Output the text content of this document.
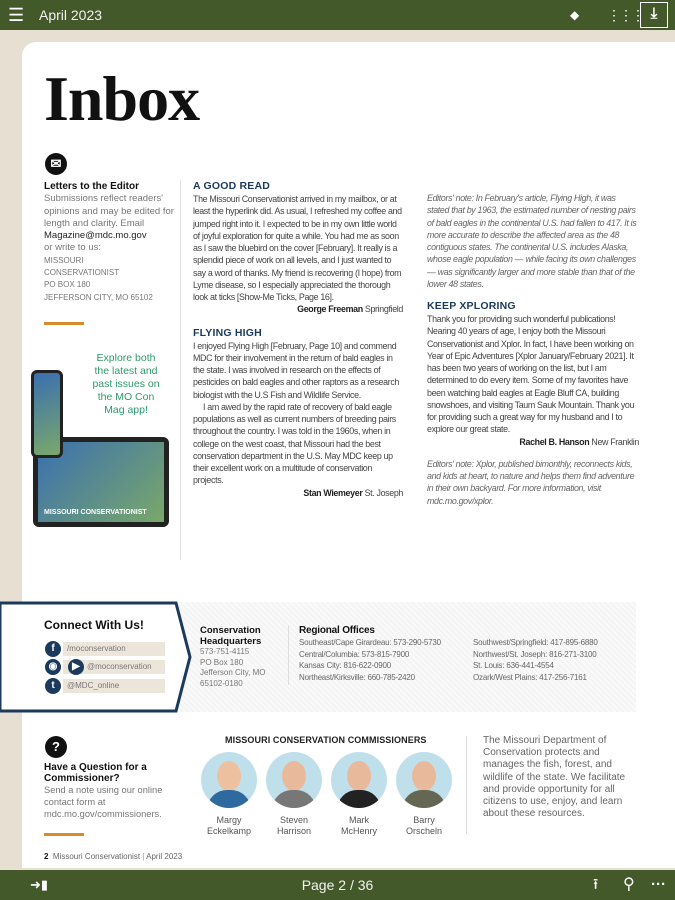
☰ April 2023	◆ ⋮⋮⋮ ⤓
Inbox
✉
Letters to the Editor
Submissions reflect readers' opinions and may be edited for length and clarity. Email
Magazine@mdc.mo.gov
or write to us:
MISSOURI
CONSERVATIONIST
PO BOX 180
JEFFERSON CITY, MO 65102
Explore both the latest and past issues on the MO Con Mag app!
MISSOURI CONSERVATIONIST
A GOOD READ

The Missouri Conservationist arrived in my mailbox, or at least the hyperlink did. As usual, I refreshed my coffee and jumped right into it. I expected to be in my own little world of joyful exploration for quite a while. You had me as soon as I saw the bluebird on the cover [February]. It really is a splendid piece of work on all levels, and I just wanted to say a word of thanks. My friend is recovering (I hope) from Lyme disease, so I especially appreciated the thorough look at ticks [Show-Me Ticks, Page 16].

George Freeman Springfield

FLYING HIGH

I enjoyed Flying High [February, Page 10] and commend MDC for their involvement in the return of bald eagles in the state. I was involved in research on the effects of pesticides on bald eagles and other raptors as a research biologist with the U.S Fish and Wildlife Service.

I am awed by the rapid rate of recovery of bald eagle populations as well as current numbers of breeding pairs throughout the country. I was told in the 1960s, when in college on the west coast, that Missouri had the best conservation department in the U.S. May MDC keep up their excellent work on a multitude of conservation projects.

Stan Wiemeyer St. Joseph

Editors' note: In February's article, Flying High, it was stated that by 1963, the estimated number of nesting pairs of bald eagles in the continental U.S. had fallen to 417. It is more accurate to describe the affected area as the 48 contiguous states. The continental U.S. includes Alaska, whose eagle population — while facing its own challenges — was significantly larger and more stable than that of the lower 48 states.

KEEP XPLORING

Thank you for providing such wonderful publications! Nearing 40 years of age, I enjoy both the Missouri Conservationist and Xplor. In fact, I have been working on Year of Epic Adventures [Xplor January/February 2021]. It has been two years of working on the list, but I am determined to do every item. Some of my favorites have been watching bald eagles at Eagle Bluff CA, building snowshoes, and visiting Taum Sauk Mountain. Thank you for providing such a great way for my husband and I to explore our great state.

Rachel B. Hanson New Franklin

Editors' note: Xplor, published bimonthly, reconnects kids, and kids at heart, to nature and helps them find adventure in their own backyard. For more information, visit mdc.mo.gov/xplor.

Connect With Us!
f	/moconservation
◉	▶ @moconservation
t	@MDC_online
Conservation Headquarters
573-751-4115
PO Box 180
Jefferson City, MO
65102-0180
Regional Offices
Southeast/Cape Girardeau: 573-290-5730
Central/Columbia: 573-815-7900
Kansas City: 816-622-0900
Northeast/Kirksville: 660-785-2420
Southwest/Springfield: 417-895-6880
Northwest/St. Joseph: 816-271-3100
St. Louis: 636-441-4554
Ozark/West Plains: 417-256-7161
?
Have a Question for a Commissioner?
Send a note using our online contact form at mdc.mo.gov/commissioners.
MISSOURI CONSERVATION COMMISSIONERS
Margy
Eckelkamp
Steven
Harrison
Mark
McHenry
Barry
Orscheln
The Missouri Department of Conservation protects and manages the fish, forest, and wildlife of the state. We facilitate and provide opportunity for all citizens to use, enjoy, and learn about these resources.
2 Missouri Conservationist | April 2023
➜▮	Page 2 / 36	⭱ ⚲ ···
